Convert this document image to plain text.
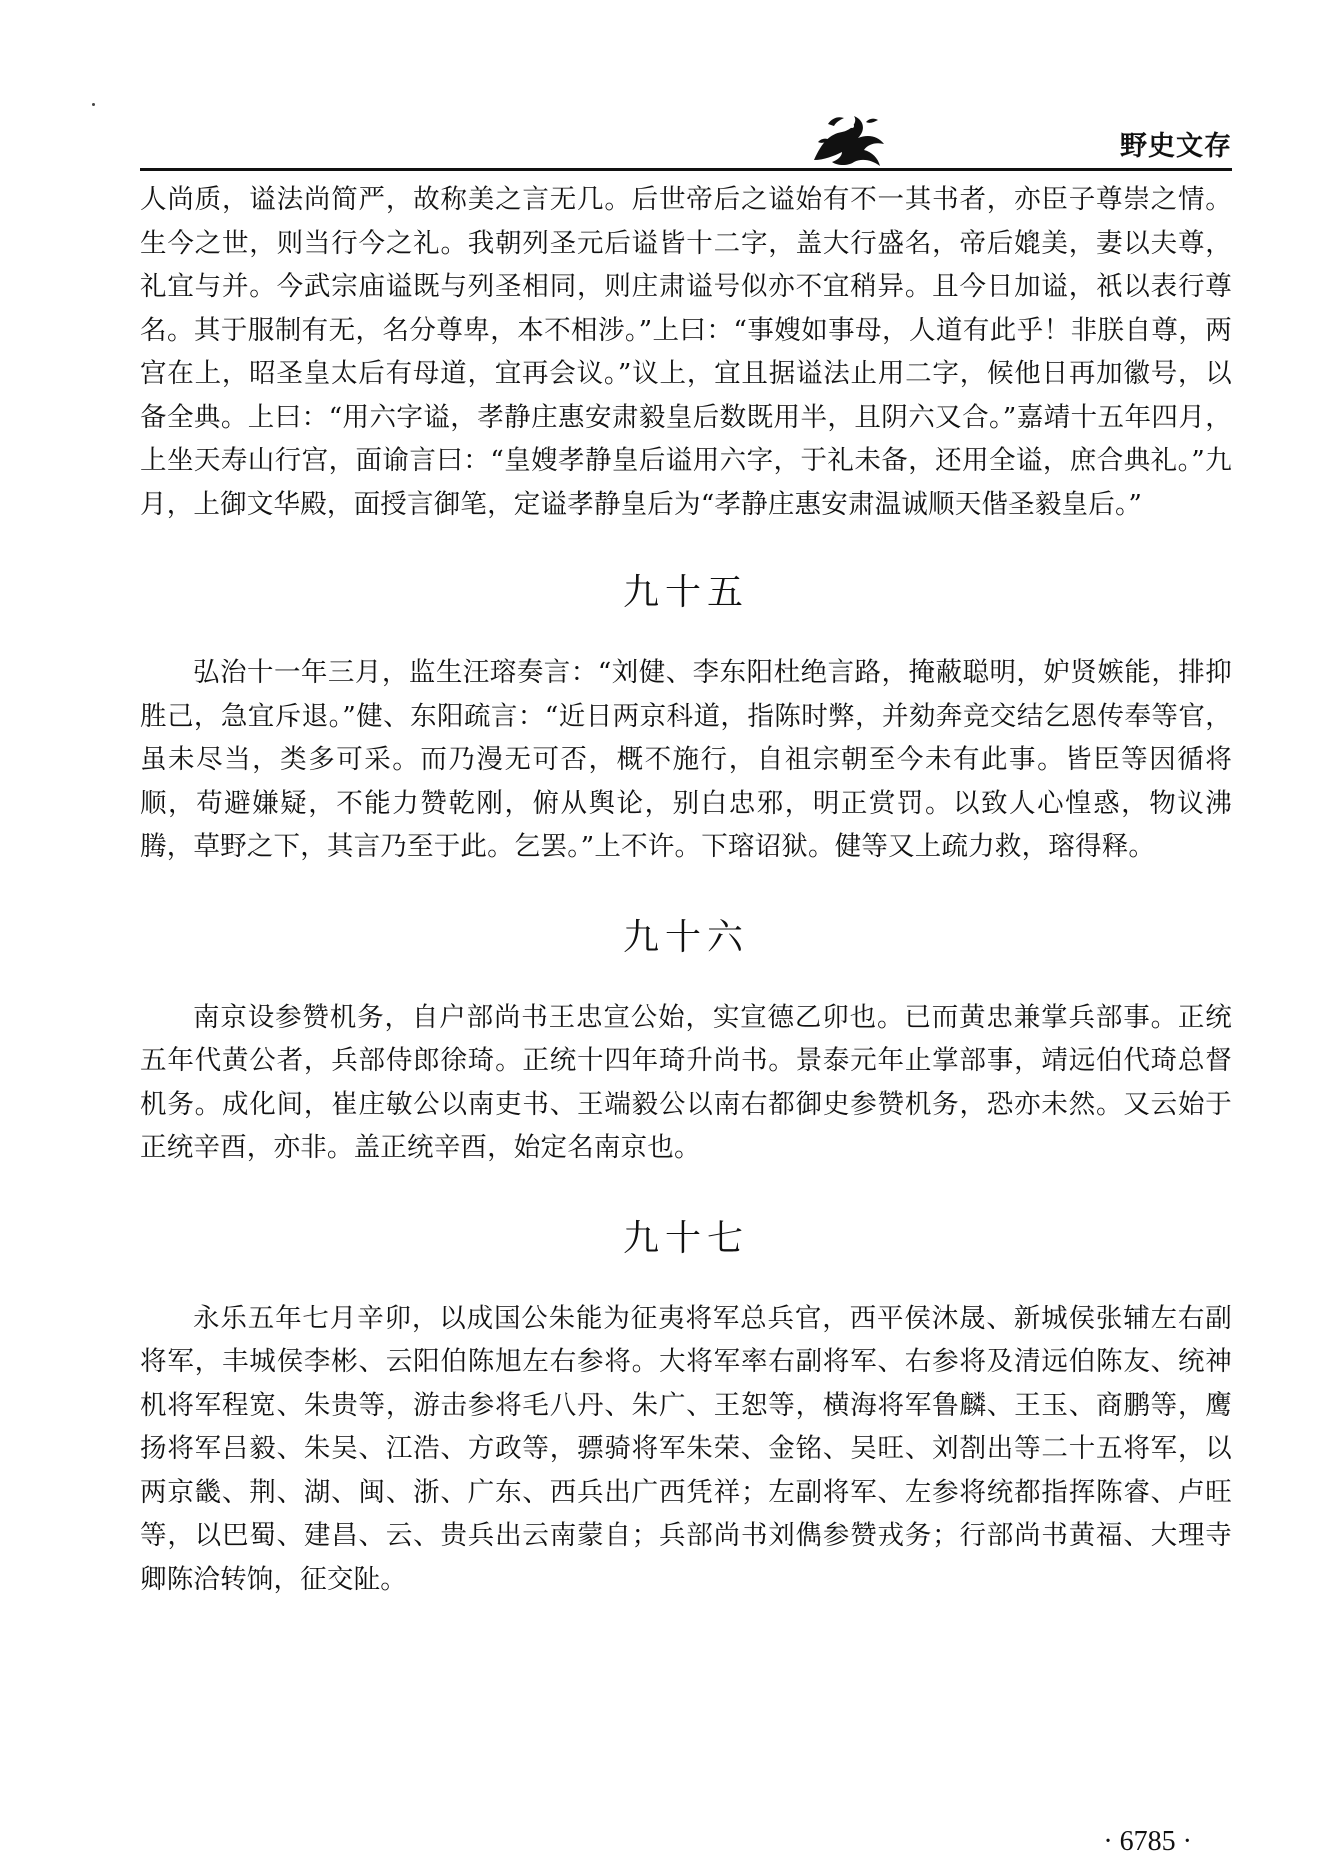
野史文存

人尚质，谥法尚简严，故称美之言无几。后世帝后之谥始有不一其书者，亦臣子尊崇之情。生今之世，则当行今之礼。我朝列圣元后谥皆十二字，盖大行盛名，帝后媲美，妻以夫尊，礼宜与并。今武宗庙谥既与列圣相同，则庄肃谥号似亦不宜稍异。且今日加谥，祇以表行尊名。其于服制有无，名分尊卑，本不相涉。”上曰：“事嫂如事母，人道有此乎！非朕自尊，两宫在上，昭圣皇太后有母道，宜再会议。”议上，宜且据谥法止用二字，候他日再加徽号，以备全典。上曰：“用六字谥，孝静庄惠安肃毅皇后数既用半，且阴六又合。”嘉靖十五年四月，上坐天寿山行宫，面谕言曰：“皇嫂孝静皇后谥用六字，于礼未备，还用全谥，庶合典礼。”九月，上御文华殿，面授言御笔，定谥孝静皇后为“孝静庄惠安肃温诚顺天偕圣毅皇后。”

九十五

弘治十一年三月，监生汪瑢奏言：“刘健、李东阳杜绝言路，掩蔽聪明，妒贤嫉能，排抑胜己，急宜斥退。”健、东阳疏言：“近日两京科道，指陈时弊，并劾奔竞交结乞恩传奉等官，虽未尽当，类多可采。而乃漫无可否，概不施行，自祖宗朝至今未有此事。皆臣等因循将顺，苟避嫌疑，不能力赞乾刚，俯从舆论，别白忠邪，明正赏罚。以致人心惶惑，物议沸腾，草野之下，其言乃至于此。乞罢。”上不许。下瑢诏狱。健等又上疏力救，瑢得释。

九十六

南京设参赞机务，自户部尚书王忠宣公始，实宣德乙卯也。已而黄忠兼掌兵部事。正统五年代黄公者，兵部侍郎徐琦。正统十四年琦升尚书。景泰元年止掌部事，靖远伯代琦总督机务。成化间，崔庄敏公以南吏书、王端毅公以南右都御史参赞机务，恐亦未然。又云始于正统辛酉，亦非。盖正统辛酉，始定名南京也。

九十七

永乐五年七月辛卯，以成国公朱能为征夷将军总兵官，西平侯沐晟、新城侯张辅左右副将军，丰城侯李彬、云阳伯陈旭左右参将。大将军率右副将军、右参将及清远伯陈友、统神机将军程宽、朱贵等，游击参将毛八丹、朱广、王恕等，横海将军鲁麟、王玉、商鹏等，鹰扬将军吕毅、朱吴、江浩、方政等，骠骑将军朱荣、金铭、吴旺、刘剳出等二十五将军，以两京畿、荆、湖、闽、浙、广东、西兵出广西凭祥；左副将军、左参将统都指挥陈睿、卢旺等，以巴蜀、建昌、云、贵兵出云南蒙自；兵部尚书刘儁参赞戎务；行部尚书黄福、大理寺卿陈洽转饷，征交阯。

· 6785 ·
